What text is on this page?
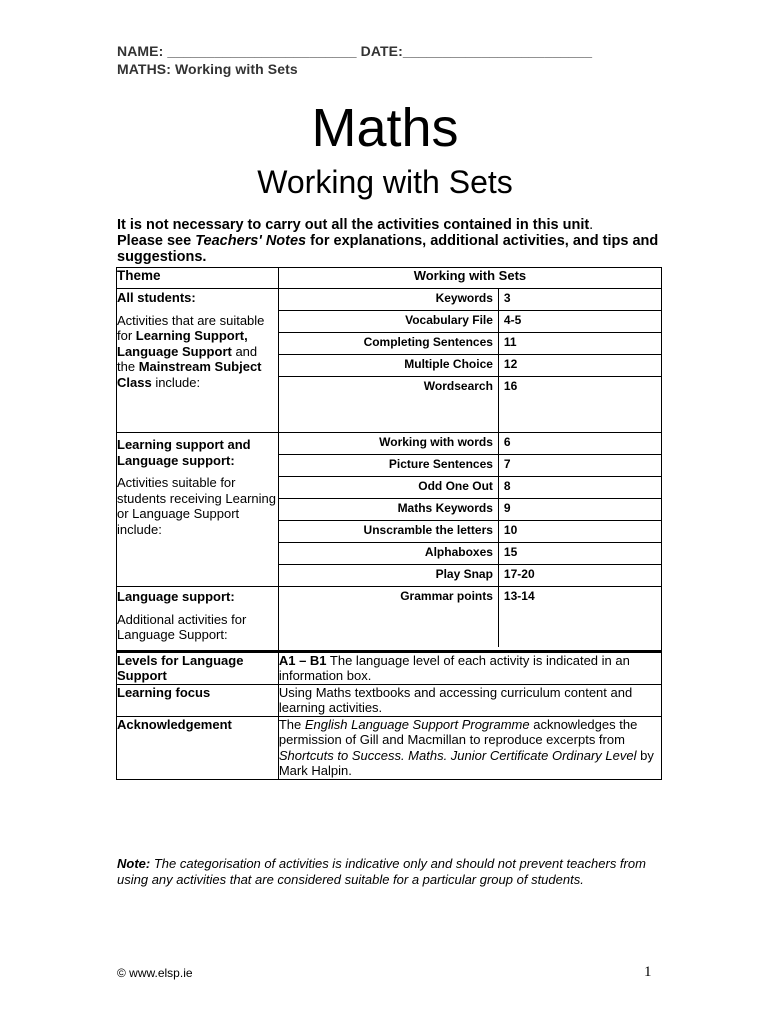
NAME: ________________________ DATE:________________________
MATHS: Working with Sets
Maths
Working with Sets
It is not necessary to carry out all the activities contained in this unit.
Please see Teachers' Notes for explanations, additional activities, and tips and suggestions.
Theme	Working with Sets

All students:

Activities that are suitable for Learning Support, Language Support and the Mainstream Subject Class include:

Keywords	3
Vocabulary File	4-5
Completing Sentences	11
Multiple Choice	12
Wordsearch	16

Learning support and Language support:

Activities suitable for students receiving Learning or Language Support include:

Working with words	6
Picture Sentences	7
Odd One Out	8
Maths Keywords	9
Unscramble the letters	10
Alphaboxes	15
Play Snap	17-20

Language support:

Additional activities for Language Support:

Grammar points	13-14

Levels for Language Support	A1 – B1 The language level of each activity is indicated in an information box.
Learning focus	Using Maths textbooks and accessing curriculum content and learning activities.
Acknowledgement	The English Language Support Programme acknowledges the permission of Gill and Macmillan to reproduce excerpts from Shortcuts to Success. Maths. Junior Certificate Ordinary Level by Mark Halpin.
Note: The categorisation of activities is indicative only and should not prevent teachers from using any activities that are considered suitable for a particular group of students.
© www.elsp.ie	1
